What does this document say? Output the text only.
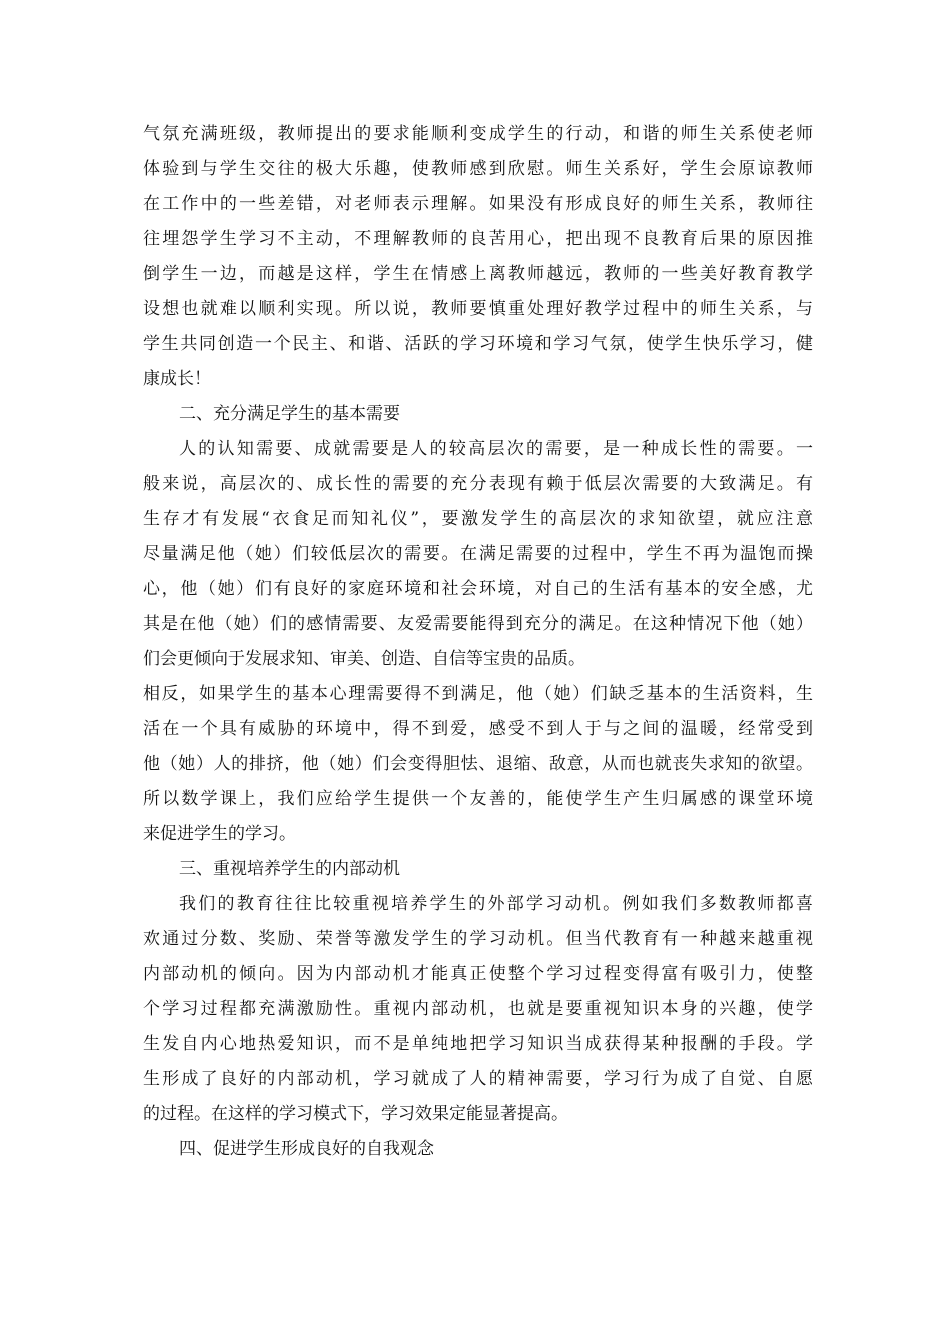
气氛充满班级，教师提出的要求能顺利变成学生的行动，和谐的师生关系使老师
体验到与学生交往的极大乐趣，使教师感到欣慰。师生关系好，学生会原谅教师
在工作中的一些差错，对老师表示理解。如果没有形成良好的师生关系，教师往
往埋怨学生学习不主动，不理解教师的良苦用心，把出现不良教育后果的原因推
倒学生一边，而越是这样，学生在情感上离教师越远，教师的一些美好教育教学
设想也就难以顺利实现。所以说，教师要慎重处理好教学过程中的师生关系，与
学生共同创造一个民主、和谐、活跃的学习环境和学习气氛，使学生快乐学习，健
康成长！
二、充分满足学生的基本需要
人的认知需要、成就需要是人的较高层次的需要，是一种成长性的需要。一
般来说，高层次的、成长性的需要的充分表现有赖于低层次需要的大致满足。有
生存才有发展“衣食足而知礼仪”，要激发学生的高层次的求知欲望，就应注意
尽量满足他（她）们较低层次的需要。在满足需要的过程中，学生不再为温饱而操
心，他（她）们有良好的家庭环境和社会环境，对自己的生活有基本的安全感，尤
其是在他（她）们的感情需要、友爱需要能得到充分的满足。在这种情况下他（她）
们会更倾向于发展求知、审美、创造、自信等宝贵的品质。
相反，如果学生的基本心理需要得不到满足，他（她）们缺乏基本的生活资料，生
活在一个具有威胁的环境中，得不到爱，感受不到人于与之间的温暖，经常受到
他（她）人的排挤，他（她）们会变得胆怯、退缩、敌意，从而也就丧失求知的欲望。
所以数学课上，我们应给学生提供一个友善的，能使学生产生归属感的课堂环境
来促进学生的学习。
三、重视培养学生的内部动机
我们的教育往往比较重视培养学生的外部学习动机。例如我们多数教师都喜
欢通过分数、奖励、荣誉等激发学生的学习动机。但当代教育有一种越来越重视
内部动机的倾向。因为内部动机才能真正使整个学习过程变得富有吸引力，使整
个学习过程都充满激励性。重视内部动机，也就是要重视知识本身的兴趣，使学
生发自内心地热爱知识，而不是单纯地把学习知识当成获得某种报酬的手段。学
生形成了良好的内部动机，学习就成了人的精神需要，学习行为成了自觉、自愿
的过程。在这样的学习模式下，学习效果定能显著提高。
四、促进学生形成良好的自我观念
